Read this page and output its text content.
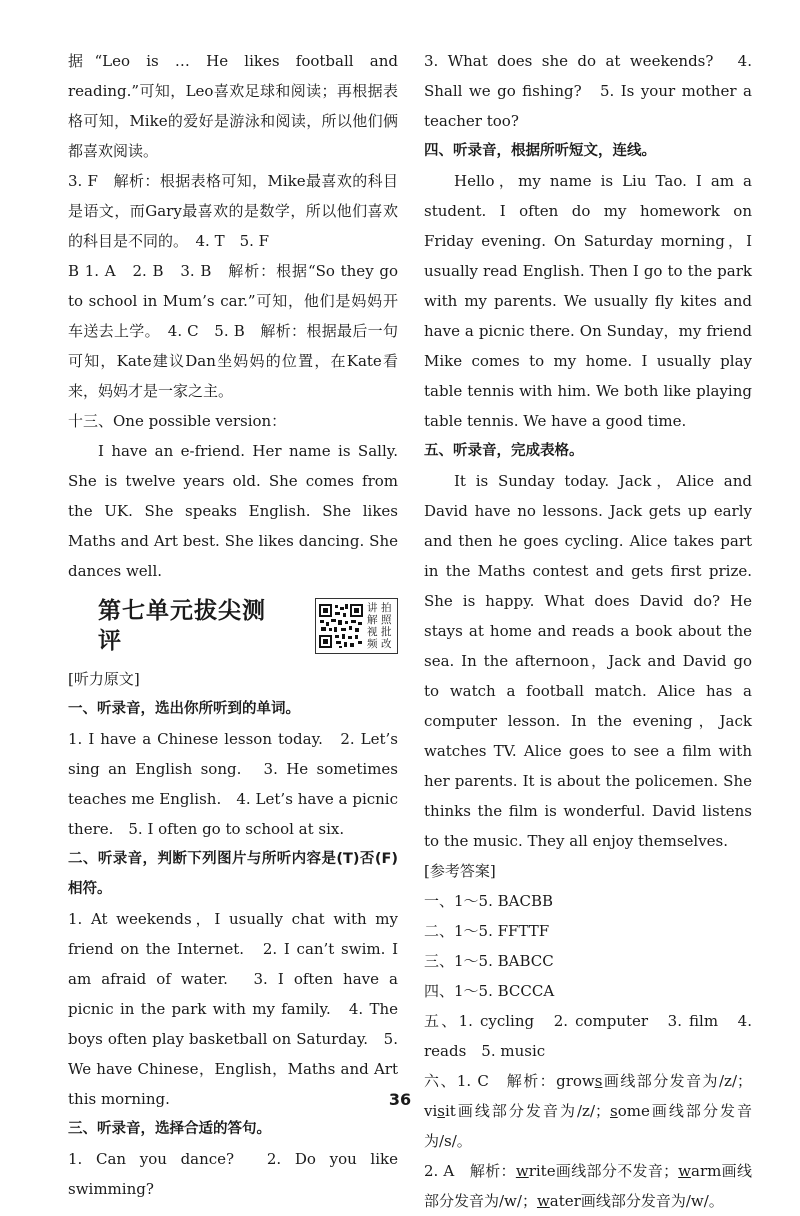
据“Leo is … He likes football and reading.”可知，Leo喜欢足球和阅读；再根据表格可知，Mike的爱好是游泳和阅读，所以他们俩都喜欢阅读。

3. F　解析：根据表格可知，Mike最喜欢的科目是语文，而Gary最喜欢的是数学，所以他们喜欢的科目是不同的。　4. T　5. F

B 1. A　2. B　3. B　解析：根据“So they go to school in Mum’s car.”可知，他们是妈妈开车送去上学。　4. C　5. B　解析：根据最后一句可知，Kate建议Dan坐妈妈的位置，在Kate看来，妈妈才是一家之主。

十三、One possible version：

I have an e-friend. Her name is Sally. She is twelve years old. She comes from the UK. She speaks English. She likes Maths and Art best. She likes dancing. She dances well.

第七单元拔尖测评
讲
解
视
频
拍
照
批
改

[听力原文]

一、听录音，选出你所听到的单词。

1. I have a Chinese lesson today.　2. Let’s sing an English song.　3. He sometimes teaches me English.　4. Let’s have a picnic there.　5. I often go to school at six.

二、听录音，判断下列图片与所听内容是(T)否(F)相符。

1. At weekends，I usually chat with my friend on the Internet.　2. I can’t swim. I am afraid of water.　3. I often have a picnic in the park with my family.　4. The boys often play basketball on Saturday.　5. We have Chinese，English，Maths and Art this morning.

三、听录音，选择合适的答句。

1. Can you dance?　2. Do you like swimming?

3. What does she do at weekends?　4. Shall we go fishing?　5. Is your mother a teacher too?

四、听录音，根据所听短文，连线。

Hello，my name is Liu Tao. I am a student. I often do my homework on Friday evening. On Saturday morning，I usually read English. Then I go to the park with my parents. We usually fly kites and have a picnic there. On Sunday，my friend Mike comes to my home. I usually play table tennis with him. We both like playing table tennis. We have a good time.

五、听录音，完成表格。

It is Sunday today. Jack，Alice and David have no lessons. Jack gets up early and then he goes cycling. Alice takes part in the Maths contest and gets first prize. She is happy. What does David do? He stays at home and reads a book about the sea. In the afternoon，Jack and David go to watch a football match. Alice has a computer lesson. In the evening，Jack watches TV. Alice goes to see a film with her parents. It is about the policemen. She thinks the film is wonderful. David listens to the music. They all enjoy themselves.

[参考答案]

一、1～5. BACBB

二、1～5. FFTTF

三、1～5. BABCC

四、1～5. BCCCA

五、1. cycling　2. computer　3. film　4. reads　5. music

六、1. C　解析：grows画线部分发音为/z/；visit画线部分发音为/z/；some画线部分发音为/s/。

2. A　解析：write画线部分不发音；warm画线部分发音为/w/；water画线部分发音为/w/。

36
